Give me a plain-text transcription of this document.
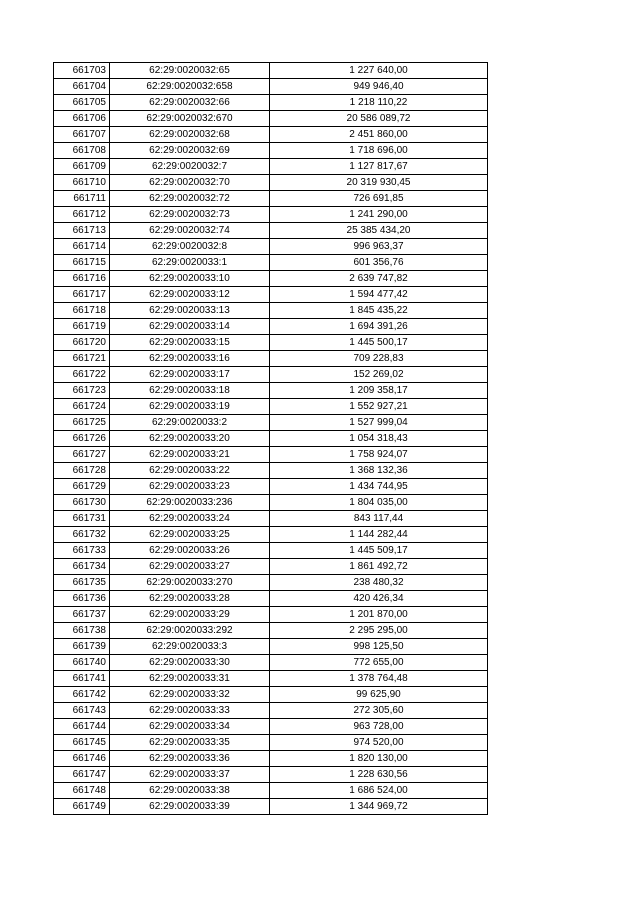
661703	62:29:0020032:65	1 227 640,00
661704	62:29:0020032:658	949 946,40
661705	62:29:0020032:66	1 218 110,22
661706	62:29:0020032:670	20 586 089,72
661707	62:29:0020032:68	2 451 860,00
661708	62:29:0020032:69	1 718 696,00
661709	62:29:0020032:7	1 127 817,67
661710	62:29:0020032:70	20 319 930,45
661711	62:29:0020032:72	726 691,85
661712	62:29:0020032:73	1 241 290,00
661713	62:29:0020032:74	25 385 434,20
661714	62:29:0020032:8	996 963,37
661715	62:29:0020033:1	601 356,76
661716	62:29:0020033:10	2 639 747,82
661717	62:29:0020033:12	1 594 477,42
661718	62:29:0020033:13	1 845 435,22
661719	62:29:0020033:14	1 694 391,26
661720	62:29:0020033:15	1 445 500,17
661721	62:29:0020033:16	709 228,83
661722	62:29:0020033:17	152 269,02
661723	62:29:0020033:18	1 209 358,17
661724	62:29:0020033:19	1 552 927,21
661725	62:29:0020033:2	1 527 999,04
661726	62:29:0020033:20	1 054 318,43
661727	62:29:0020033:21	1 758 924,07
661728	62:29:0020033:22	1 368 132,36
661729	62:29:0020033:23	1 434 744,95
661730	62:29:0020033:236	1 804 035,00
661731	62:29:0020033:24	843 117,44
661732	62:29:0020033:25	1 144 282,44
661733	62:29:0020033:26	1 445 509,17
661734	62:29:0020033:27	1 861 492,72
661735	62:29:0020033:270	238 480,32
661736	62:29:0020033:28	420 426,34
661737	62:29:0020033:29	1 201 870,00
661738	62:29:0020033:292	2 295 295,00
661739	62:29:0020033:3	998 125,50
661740	62:29:0020033:30	772 655,00
661741	62:29:0020033:31	1 378 764,48
661742	62:29:0020033:32	99 625,90
661743	62:29:0020033:33	272 305,60
661744	62:29:0020033:34	963 728,00
661745	62:29:0020033:35	974 520,00
661746	62:29:0020033:36	1 820 130,00
661747	62:29:0020033:37	1 228 630,56
661748	62:29:0020033:38	1 686 524,00
661749	62:29:0020033:39	1 344 969,72
